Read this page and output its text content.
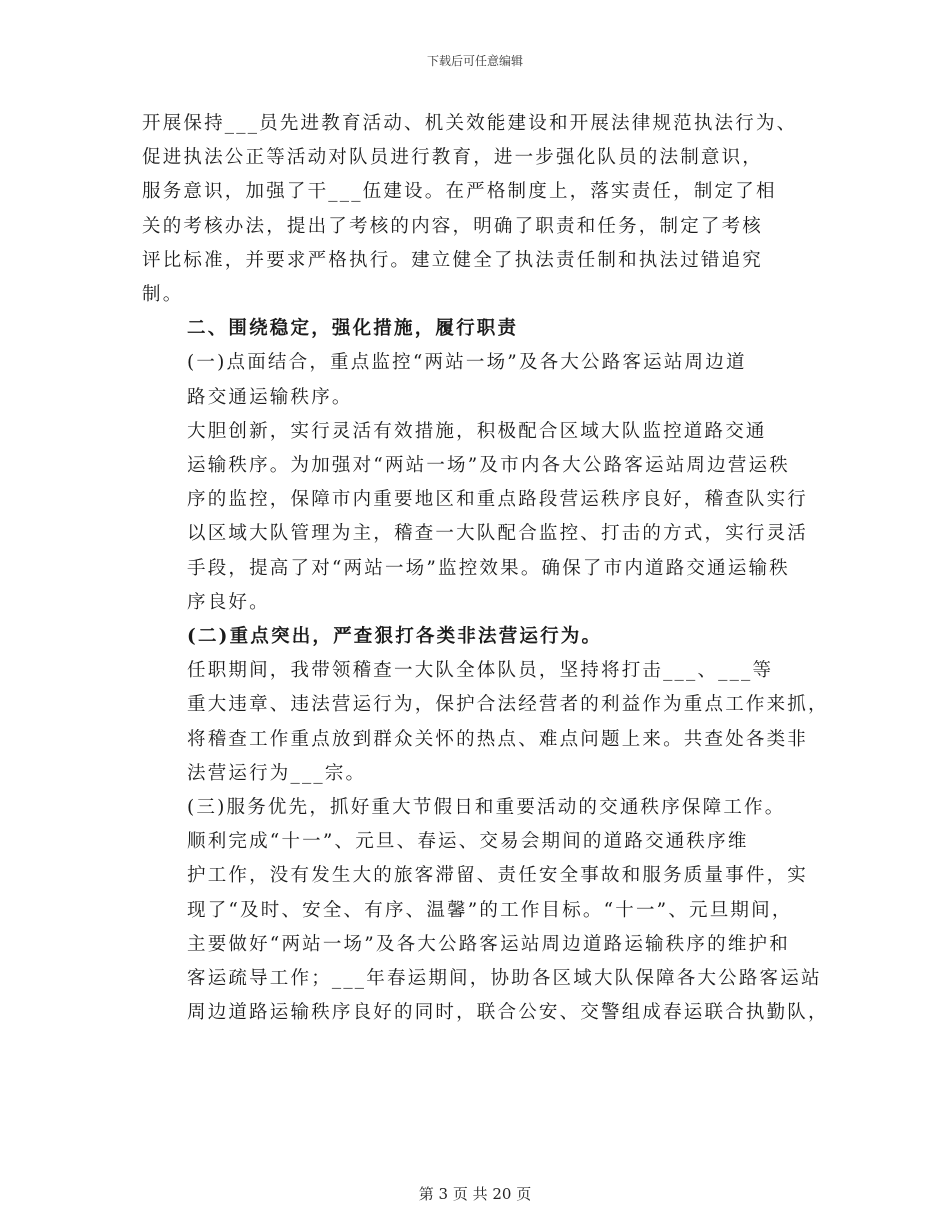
下载后可任意编辑

开展保持___员先进教育活动、机关效能建设和开展法律规范执法行为、
促进执法公正等活动对队员进行教育，进一步强化队员的法制意识，
服务意识，加强了干___伍建设。在严格制度上，落实责任，制定了相
关的考核办法，提出了考核的内容，明确了职责和任务，制定了考核
评比标准，并要求严格执行。建立健全了执法责任制和执法过错追究
制。

二、围绕稳定，强化措施，履行职责

(一)点面结合，重点监控“两站一场”及各大公路客运站周边道
路交通运输秩序。

大胆创新，实行灵活有效措施，积极配合区域大队监控道路交通
运输秩序。为加强对“两站一场”及市内各大公路客运站周边营运秩
序的监控，保障市内重要地区和重点路段营运秩序良好，稽查队实行
以区域大队管理为主，稽查一大队配合监控、打击的方式，实行灵活
手段，提高了对“两站一场”监控效果。确保了市内道路交通运输秩
序良好。

(二)重点突出，严查狠打各类非法营运行为。

任职期间，我带领稽查一大队全体队员，坚持将打击___、___等
重大违章、违法营运行为，保护合法经营者的利益作为重点工作来抓，
将稽查工作重点放到群众关怀的热点、难点问题上来。共查处各类非
法营运行为___宗。

(三)服务优先，抓好重大节假日和重要活动的交通秩序保障工作。

顺利完成“十一”、元旦、春运、交易会期间的道路交通秩序维
护工作，没有发生大的旅客滞留、责任安全事故和服务质量事件，实
现了“及时、安全、有序、温馨”的工作目标。“十一”、元旦期间，
主要做好“两站一场”及各大公路客运站周边道路运输秩序的维护和
客运疏导工作；___年春运期间，协助各区域大队保障各大公路客运站
周边道路运输秩序良好的同时，联合公安、交警组成春运联合执勤队，

第 3 页 共 20 页
